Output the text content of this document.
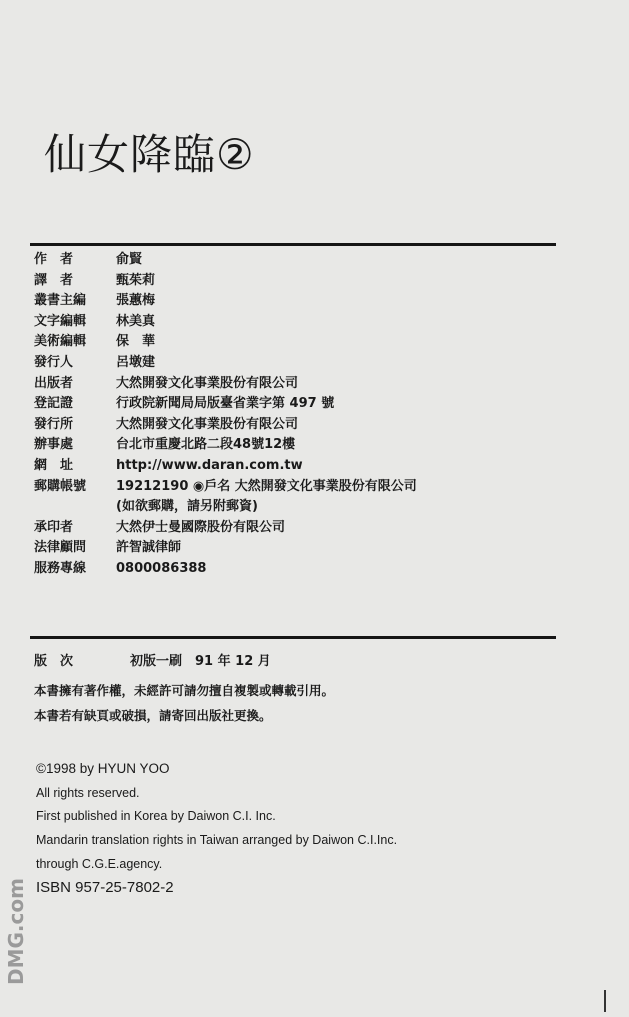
仙女降臨②
作　者	俞賢
譯　者	甄茱莉
叢書主編	張蕙梅
文字編輯	林美真
美術編輯	保　華
發行人	呂墩建
出版者	大然開發文化事業股份有限公司
登記證	行政院新聞局局版臺省業字第 497 號
發行所	大然開發文化事業股份有限公司
辦事處	台北市重慶北路二段48號12樓
網　址	http://www.daran.com.tw
郵購帳號	19212190 ◉戶名 大然開發文化事業股份有限公司
(如欲郵購，請另附郵資)
承印者	大然伊士曼國際股份有限公司
法律顧問	許智誠律師
服務專線	0800086388
版　次	初版一刷　91 年 12 月
本書擁有著作權，未經許可請勿擅自複製或轉載引用。
本書若有缺頁或破損，請寄回出版社更換。
©1998 by HYUN YOO
All rights reserved.
First published in Korea by Daiwon C.I. Inc.
Mandarin translation rights in Taiwan arranged by Daiwon C.I.Inc.
through C.G.E.agency.
ISBN 957-25-7802-2
DMG.com
